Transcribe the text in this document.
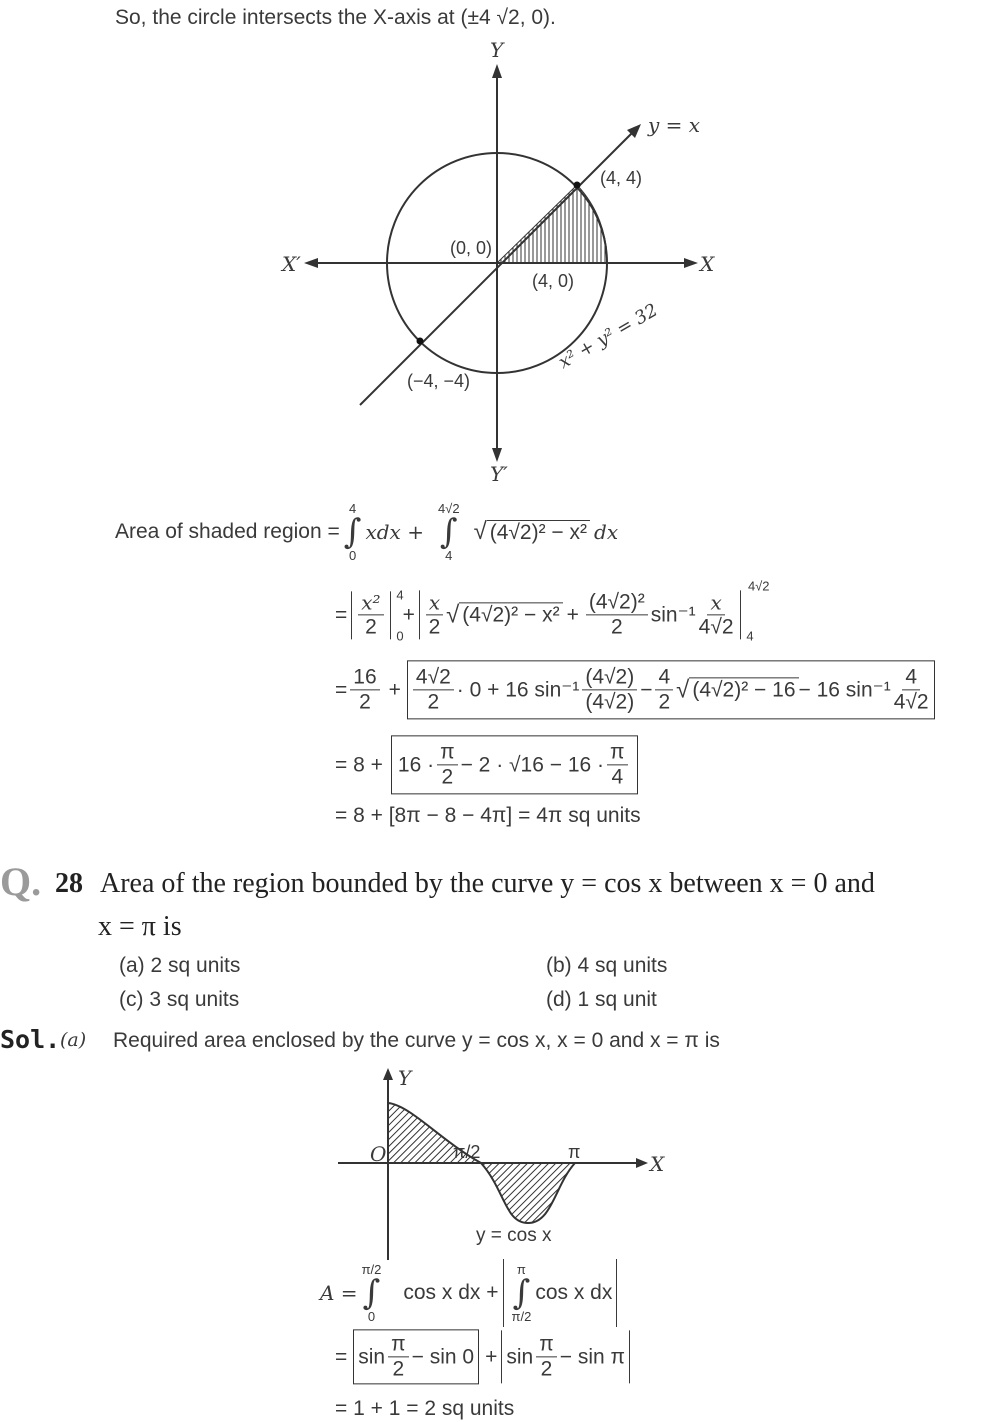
So, the circle intersects the X-axis at (±4 √2, 0).
Y
Y′
X
X′
y = x
(4, 4)
(0, 0)
(4, 0)
(−4, −4)
x² + y² = 32
Area of shaded region =
4
∫
0
xdx +
4√2
∫
4
√ (4√2)² − x² dx
= $\frac{\text{x²}}{2} 4$
0
+ $\frac{x}{2}$ √ $(4√2)^2 - x^2 + \frac{\text{(4√2)²}}{2} \sin^{-1} \frac{x}{4√2}$
4√2
4
= $\frac{16}{2} + \frac{4√2}{2} \cdot 0 + 16$ $\sin^{-1} \frac{(4√2)}{(4√2)} - \frac{4}{2}$ √ (4√2)² − 16 − 16 $\sin^{-1} \frac{4}{4√2}$
= $8 + 16 \cdot \frac{\pi}{2} - 2 \cdot √16 - 16 \cdot \frac{\pi}{4}$
= 8 + [8π − 8 − 4π] = 4π sq units
Q. 28 Area of the region bounded by the curve y = cos x between x = 0 and
x = π is
(a) 2 sq units	(b) 4 sq units
(c) 3 sq units	(d) 1 sq unit
Sol. (a) Required area enclosed by the curve y = cos x, x = 0 and x = π is
Y
X
O	π/2	π
y = cos x
A =
π/2
∫
0
cos x dx +
π
∫
π/2
cos x dx
= $\sin \frac{\pi}{2} - \sin 0 + \sin \frac{\pi}{2} - \sin \pi$
= 1 + 1 = 2 sq units
